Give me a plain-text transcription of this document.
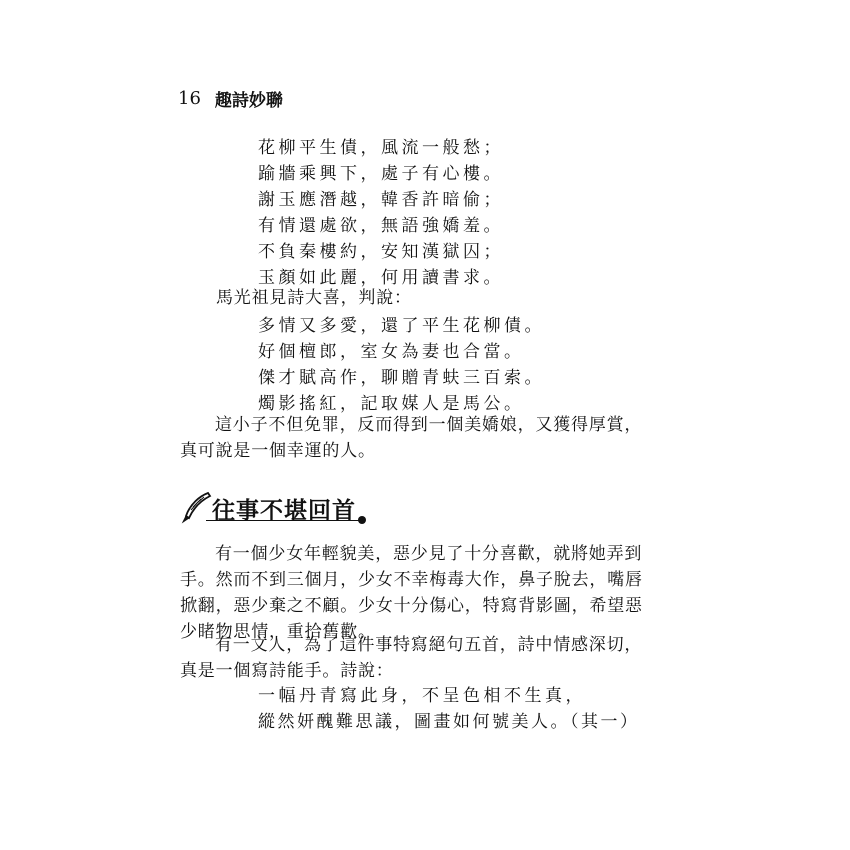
16 趣詩妙聯
花柳平生債，風流一般愁；
踰牆乘興下，處子有心樓。
謝玉應潛越，韓香許暗偷；
有情還處欲，無語強嬌羞。
不負秦樓約，安知漢獄囚；
玉顏如此麗，何用讀書求。
馬光祖見詩大喜，判說：
多情又多愛，還了平生花柳債。
好個檀郎，室女為妻也合當。
傑才賦高作，聊贈青蚨三百索。
燭影搖紅，記取媒人是馬公。
這小子不但免罪，反而得到一個美嬌娘，又獲得厚賞，
真可說是一個幸運的人。
往事不堪回首
有一個少女年輕貌美，惡少見了十分喜歡，就將她弄到
手。然而不到三個月，少女不幸梅毒大作，鼻子脫去，嘴唇
掀翻，惡少棄之不顧。少女十分傷心，特寫背影圖，希望惡
少睹物思情，重拾舊歡。
有一文人，為了這件事特寫絕句五首，詩中情感深切，
真是一個寫詩能手。詩說：
一幅丹青寫此身，不呈色相不生真，
縱然妍醜難思議，圖畫如何號美人。（其一）
